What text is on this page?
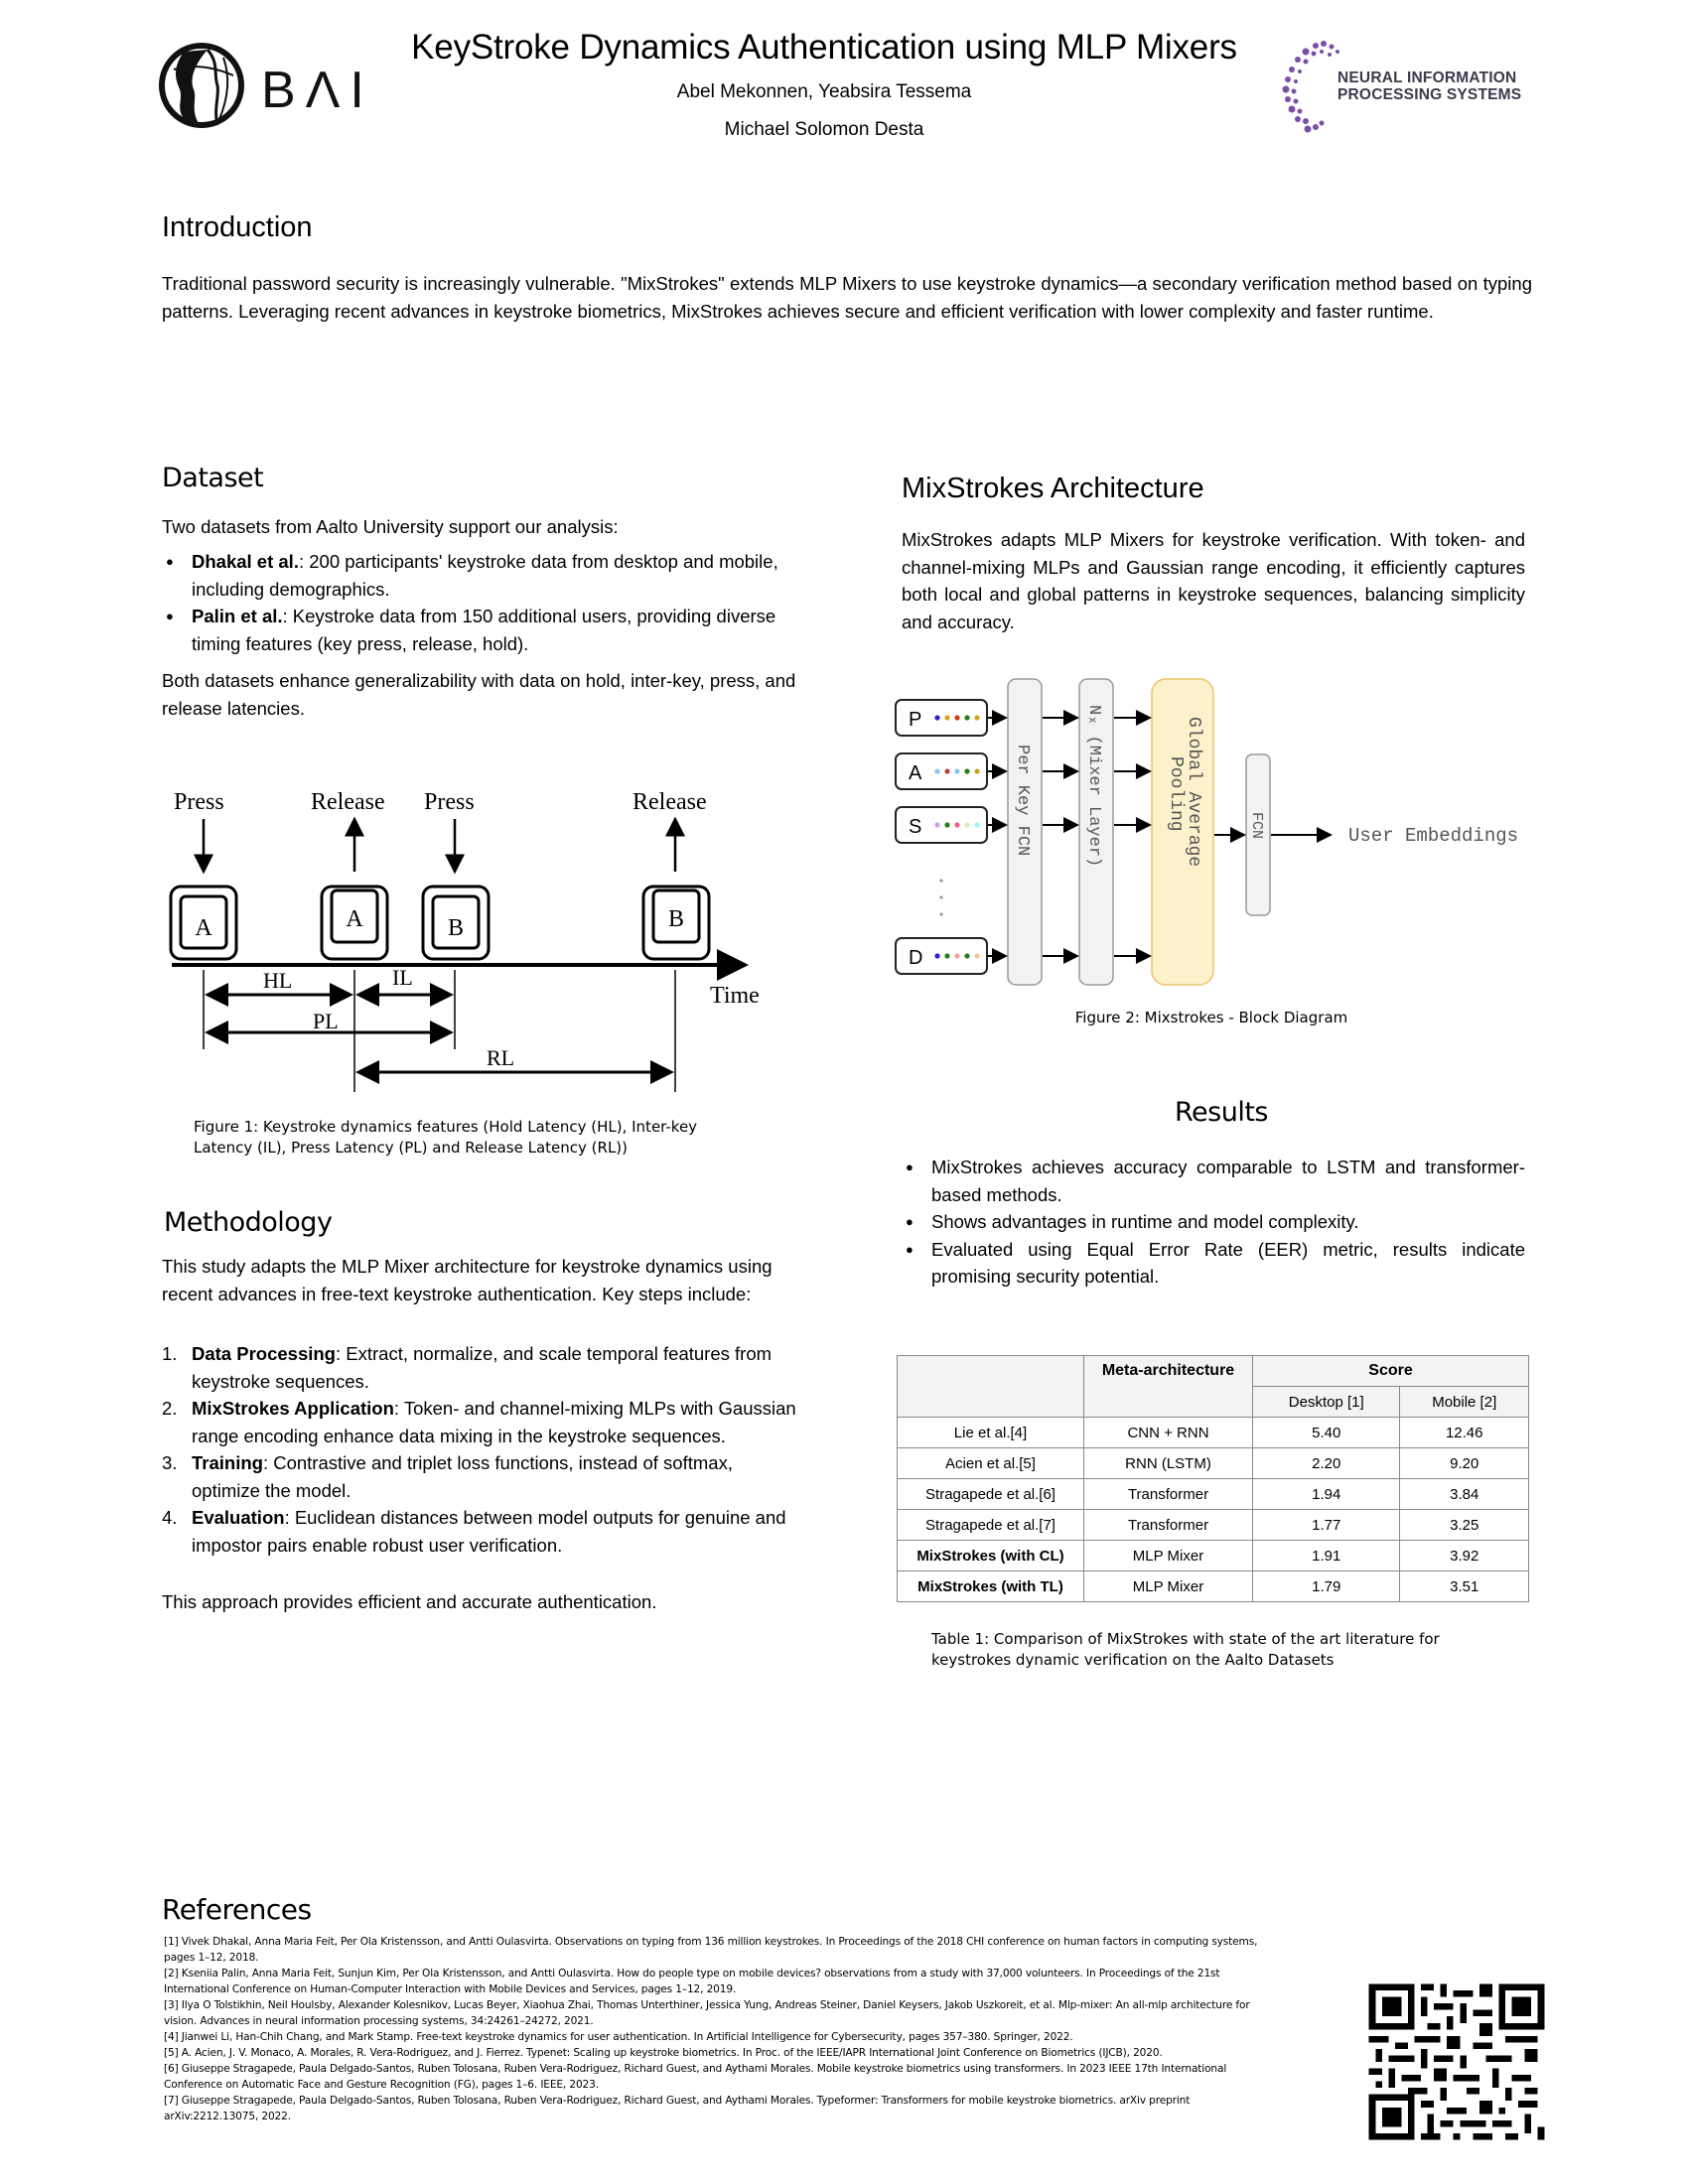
BΛI
KeyStroke Dynamics Authentication using MLP Mixers
Abel Mekonnen, Yeabsira Tessema
Michael Solomon Desta
NEURAL INFORMATION
PROCESSING SYSTEMS
Introduction

Traditional password security is increasingly vulnerable. "MixStrokes" extends MLP Mixers to use keystroke dynamics—a secondary verification method based on typing patterns. Leveraging recent advances in keystroke biometrics, MixStrokes achieves secure and efficient verification with lower complexity and faster runtime.

Dataset

Two datasets from Aalto University support our analysis:

● Dhakal et al.: 200 participants' keystroke data from desktop and mobile, including demographics.
● Palin et al.: Keystroke data from 150 additional users, providing diverse timing features (key press, release, hold).

Both datasets enhance generalizability with data on hold, inter-key, press, and release latencies.

Press	Release Press	Release
A	A	B	B
Time
HL	IL
PL
RL

Figure 1: Keystroke dynamics features (Hold Latency (HL), Inter-key Latency (IL), Press Latency (PL) and Release Latency (RL))

Methodology

This study adapts the MLP Mixer architecture for keystroke dynamics using recent advances in free-text keystroke authentication. Key steps include:

1. Data Processing: Extract, normalize, and scale temporal features from keystroke sequences.
2. MixStrokes Application: Token- and channel-mixing MLPs with Gaussian range encoding enhance data mixing in the keystroke sequences.
3. Training: Contrastive and triplet loss functions, instead of softmax, optimize the model.
4. Evaluation: Euclidean distances between model outputs for genuine and impostor pairs enable robust user verification.

This approach provides efficient and accurate authentication.

MixStrokes Architecture

MixStrokes adapts MLP Mixers for keystroke verification. With token- and channel-mixing MLPs and Gaussian range encoding, it efficiently captures both local and global patterns in keystroke sequences, balancing simplicity and accuracy.

P
A
S
D
Per Key FCN	Nₓ (Mixer Layer)	Global Average
Pooling	FCN	User Embeddings

Figure 2: Mixstrokes - Block Diagram

Results
● MixStrokes achieves accuracy comparable to LSTM and transformer-based methods.
● Shows advantages in runtime and model complexity.
● Evaluated using Equal Error Rate (EER) metric, results indicate promising security potential.
	Meta-architecture	Score	
		Desktop [1]	Mobile [2]
Lie et al.[4]	CNN + RNN	5.40	12.46
Acien et al.[5]	RNN (LSTM)	2.20	9.20
Stragapede et al.[6]	Transformer	1.94	3.84
Stragapede et al.[7]	Transformer	1.77	3.25
MixStrokes (with CL)	MLP Mixer	1.91	3.92
MixStrokes (with TL)	MLP Mixer	1.79	3.51

Table 1: Comparison of MixStrokes with state of the art literature for keystrokes dynamic verification on the Aalto Datasets

References
[1] Vivek Dhakal, Anna Maria Feit, Per Ola Kristensson, and Antti Oulasvirta. Observations on typing from 136 million keystrokes. In Proceedings of the 2018 CHI conference on human factors in computing systems, pages 1–12, 2018.
[2] Kseniia Palin, Anna Maria Feit, Sunjun Kim, Per Ola Kristensson, and Antti Oulasvirta. How do people type on mobile devices? observations from a study with 37,000 volunteers. In Proceedings of the 21st International Conference on Human-Computer Interaction with Mobile Devices and Services, pages 1–12, 2019.
[3] Ilya O Tolstikhin, Neil Houlsby, Alexander Kolesnikov, Lucas Beyer, Xiaohua Zhai, Thomas Unterthiner, Jessica Yung, Andreas Steiner, Daniel Keysers, Jakob Uszkoreit, et al. Mlp-mixer: An all-mlp architecture for vision. Advances in neural information processing systems, 34:24261–24272, 2021.
[4] Jianwei Li, Han-Chih Chang, and Mark Stamp. Free-text keystroke dynamics for user authentication. In Artificial Intelligence for Cybersecurity, pages 357–380. Springer, 2022.
[5] A. Acien, J. V. Monaco, A. Morales, R. Vera-Rodriguez, and J. Fierrez. Typenet: Scaling up keystroke biometrics. In Proc. of the IEEE/IAPR International Joint Conference on Biometrics (IJCB), 2020.
[6] Giuseppe Stragapede, Paula Delgado-Santos, Ruben Tolosana, Ruben Vera-Rodriguez, Richard Guest, and Aythami Morales. Mobile keystroke biometrics using transformers. In 2023 IEEE 17th International Conference on Automatic Face and Gesture Recognition (FG), pages 1–6. IEEE, 2023.
[7] Giuseppe Stragapede, Paula Delgado-Santos, Ruben Tolosana, Ruben Vera-Rodriguez, Richard Guest, and Aythami Morales. Typeformer: Transformers for mobile keystroke biometrics. arXiv preprint arXiv:2212.13075, 2022.
